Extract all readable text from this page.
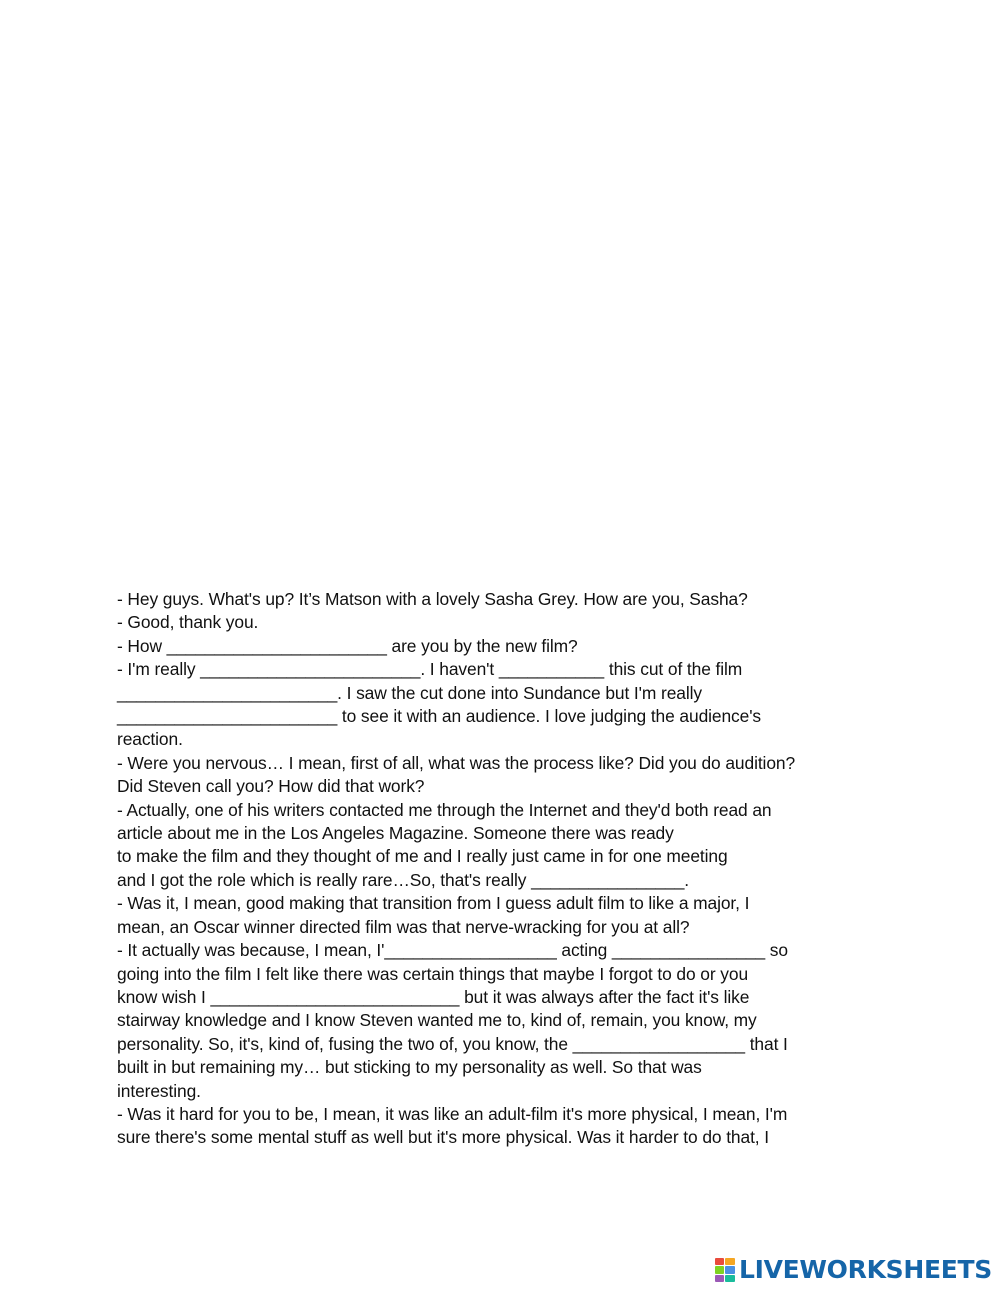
- Hey guys. What's up? It’s Matson with a lovely Sasha Grey. How are you, Sasha?
- Good, thank you.
- How _______________________ are you by the new film?
- I'm really _______________________. I haven't ___________ this cut of the film
_______________________. I saw the cut done into Sundance but I'm really
_______________________ to see it with an audience. I love judging the audience's
reaction.
- Were you nervous… I mean, first of all, what was the process like? Did you do audition?
Did Steven call you? How did that work?
- Actually, one of his writers contacted me through the Internet and they'd both read an
article about me in the Los Angeles Magazine. Someone there was ready
to make the film and they thought of me and I really just came in for one meeting
and I got the role which is really rare…So, that's really ________________.
- Was it, I mean, good making that transition from I guess adult film to like a major, I
mean, an Oscar winner directed film was that nerve-wracking for you at all?
- It actually was because, I mean, I'__________________ acting ________________ so
going into the film I felt like there was certain things that maybe I forgot to do or you
know wish I __________________________ but it was always after the fact it's like
stairway knowledge and I know Steven wanted me to, kind of, remain, you know, my
personality. So, it's, kind of, fusing the two of, you know, the __________________ that I
built in but remaining my… but sticking to my personality as well. So that was
interesting.
- Was it hard for you to be, I mean, it was like an adult-film it's more physical, I mean, I'm
sure there's some mental stuff as well but it's more physical. Was it harder to do that, I
LIVEWORKSHEETS
